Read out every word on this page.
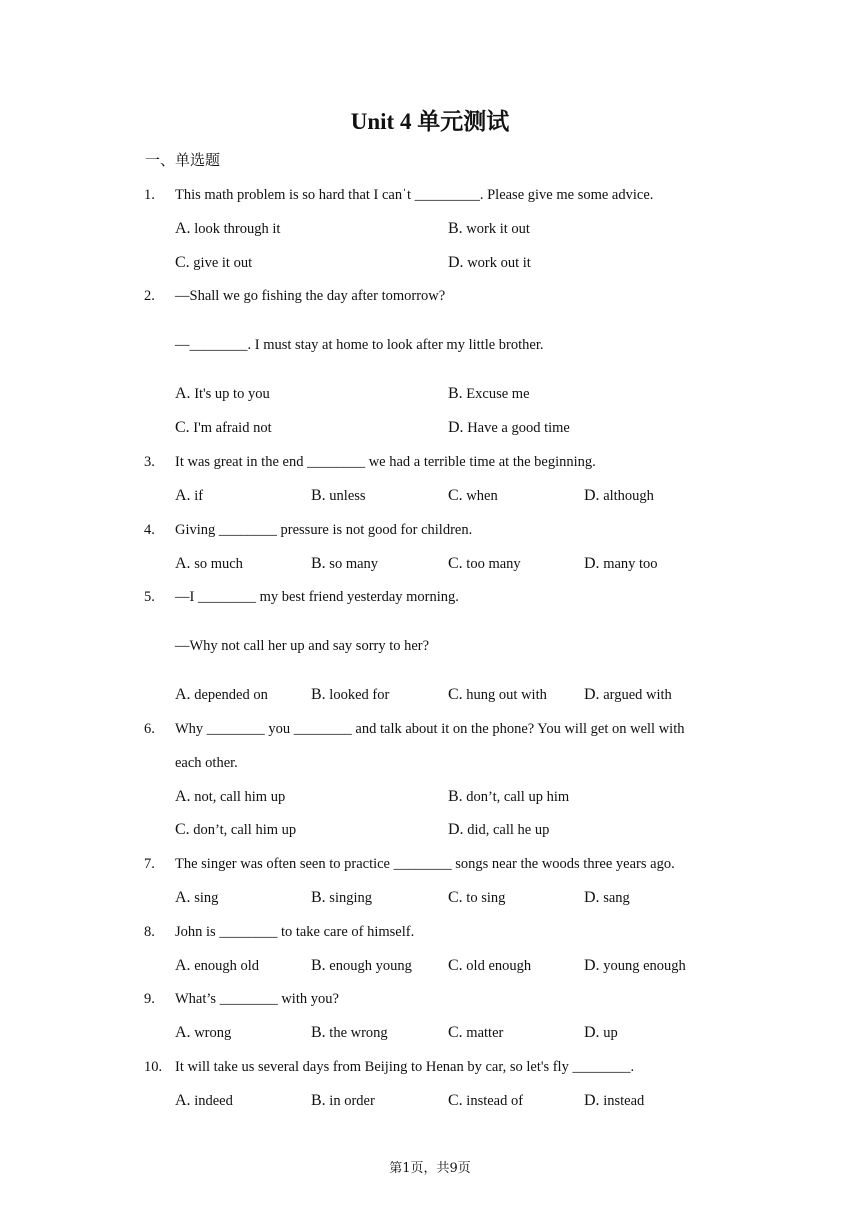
Unit 4 单元测试
一、单选题
1. This math problem is so hard that I canˈt _________. Please give me some advice.
A. look through it	B. work it out
C. give it out	D. work out it
2. —Shall we go fishing the day after tomorrow?
—________. I must stay at home to look after my little brother.
A. It's up to you	B. Excuse me
C. I'm afraid not	D. Have a good time
3. It was great in the end ________ we had a terrible time at the beginning.
A. if	B. unless	C. when	D. although
4. Giving ________ pressure is not good for children.
A. so much	B. so many	C. too many	D. many too
5. —I ________ my best friend yesterday morning.
—Why not call her up and say sorry to her?
A. depended on	B. looked for	C. hung out with D. argued with
6. Why ________ you ________ and talk about it on the phone? You will get on well with
each other.
A. not, call him up	B. don’t, call up him
C. don’t, call him up	D. did, call he up
7. The singer was often seen to practice ________ songs near the woods three years ago.
A. sing	B. singing	C. to sing	D. sang
8. John is ________ to take care of himself.
A. enough old	B. enough young C. old enough	D. young enough
9. What’s ________ with you?
A. wrong	B. the wrong	C. matter	D. up
10. It will take us several days from Beijing to Henan by car, so let's fly ________.
A. indeed	B. in order	C. instead of	D. instead
第1页，共9页
